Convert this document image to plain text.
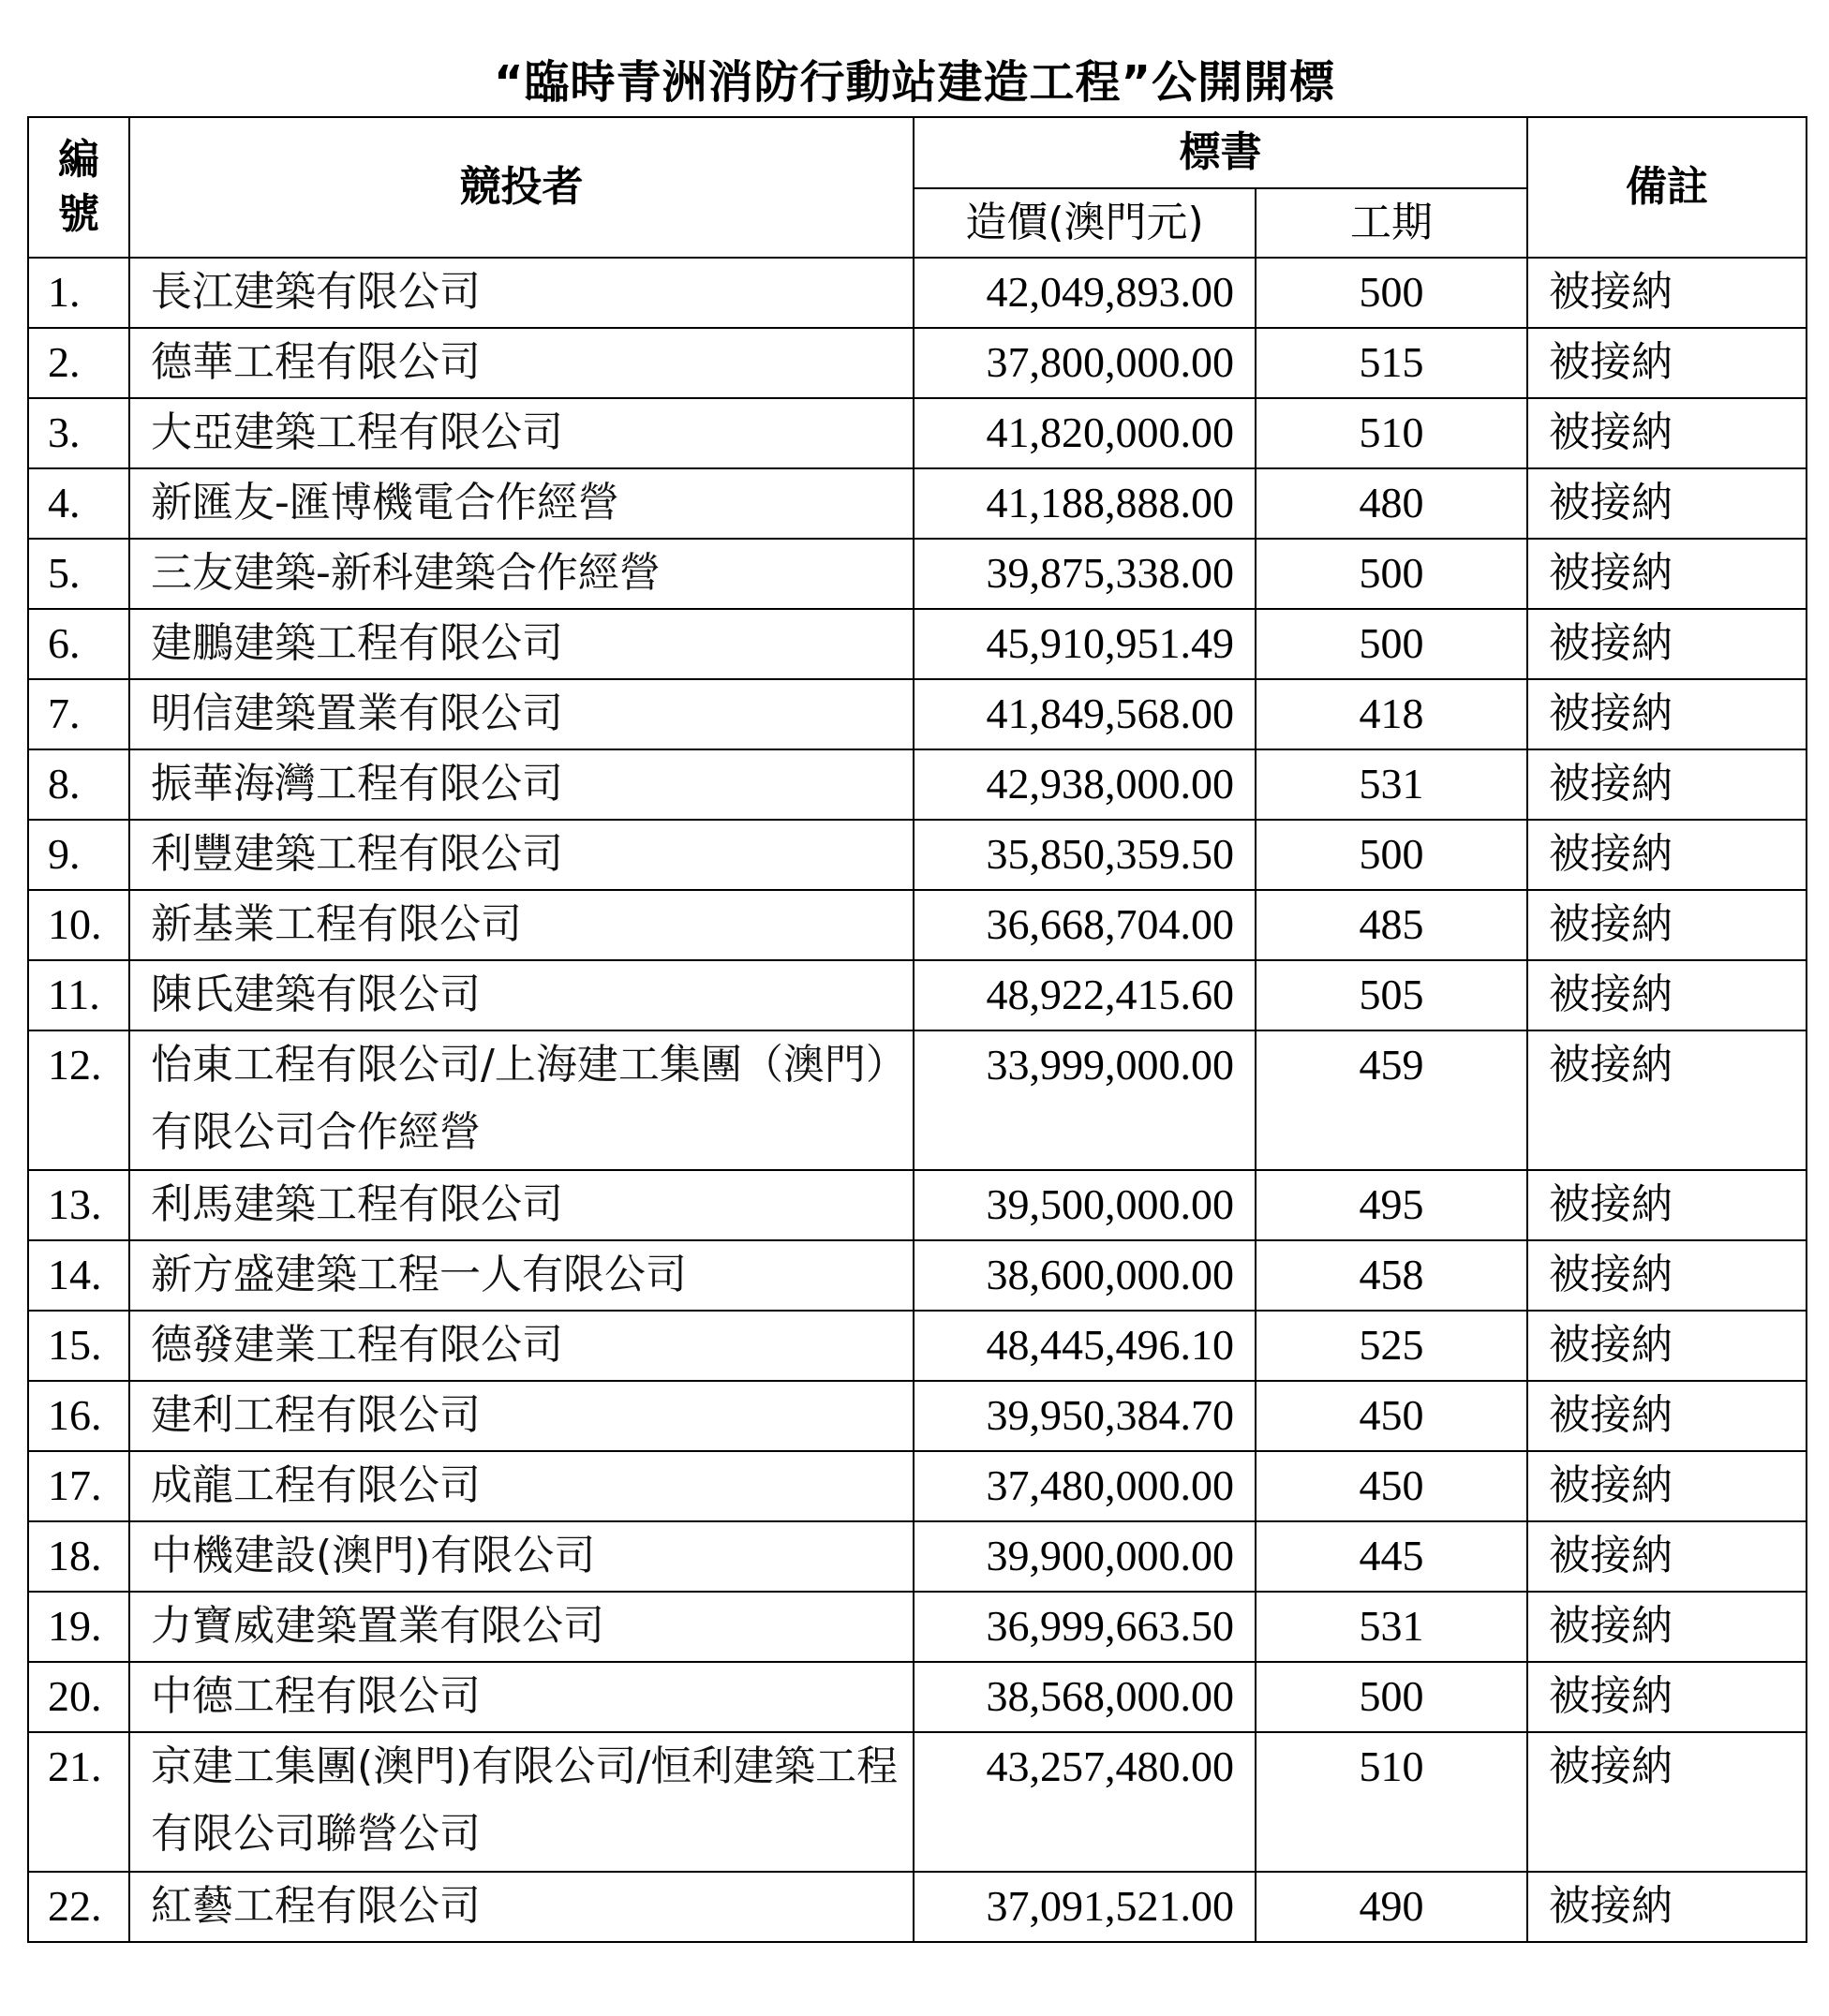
“臨時青洲消防行動站建造工程”公開開標
編
號	競投者	標書		備註
		造價(澳門元)	工期	
1.	長江建築有限公司	42,049,893.00	500	被接納
2.	德華工程有限公司	37,800,000.00	515	被接納
3.	大亞建築工程有限公司	41,820,000.00	510	被接納
4.	新匯友-匯博機電合作經營	41,188,888.00	480	被接納
5.	三友建築-新科建築合作經營	39,875,338.00	500	被接納
6.	建鵬建築工程有限公司	45,910,951.49	500	被接納
7.	明信建築置業有限公司	41,849,568.00	418	被接納
8.	振華海灣工程有限公司	42,938,000.00	531	被接納
9.	利豐建築工程有限公司	35,850,359.50	500	被接納
10.	新基業工程有限公司	36,668,704.00	485	被接納
11.	陳氏建築有限公司	48,922,415.60	505	被接納
12.	怡東工程有限公司/上海建工集團（澳門）有限公司合作經營	33,999,000.00	459	被接納
13.	利馬建築工程有限公司	39,500,000.00	495	被接納
14.	新方盛建築工程一人有限公司	38,600,000.00	458	被接納
15.	德發建業工程有限公司	48,445,496.10	525	被接納
16.	建利工程有限公司	39,950,384.70	450	被接納
17.	成龍工程有限公司	37,480,000.00	450	被接納
18.	中機建設(澳門)有限公司	39,900,000.00	445	被接納
19.	力寶威建築置業有限公司	36,999,663.50	531	被接納
20.	中德工程有限公司	38,568,000.00	500	被接納
21.	京建工集團(澳門)有限公司/恒利建築工程有限公司聯營公司	43,257,480.00	510	被接納
22.	紅藝工程有限公司	37,091,521.00	490	被接納
